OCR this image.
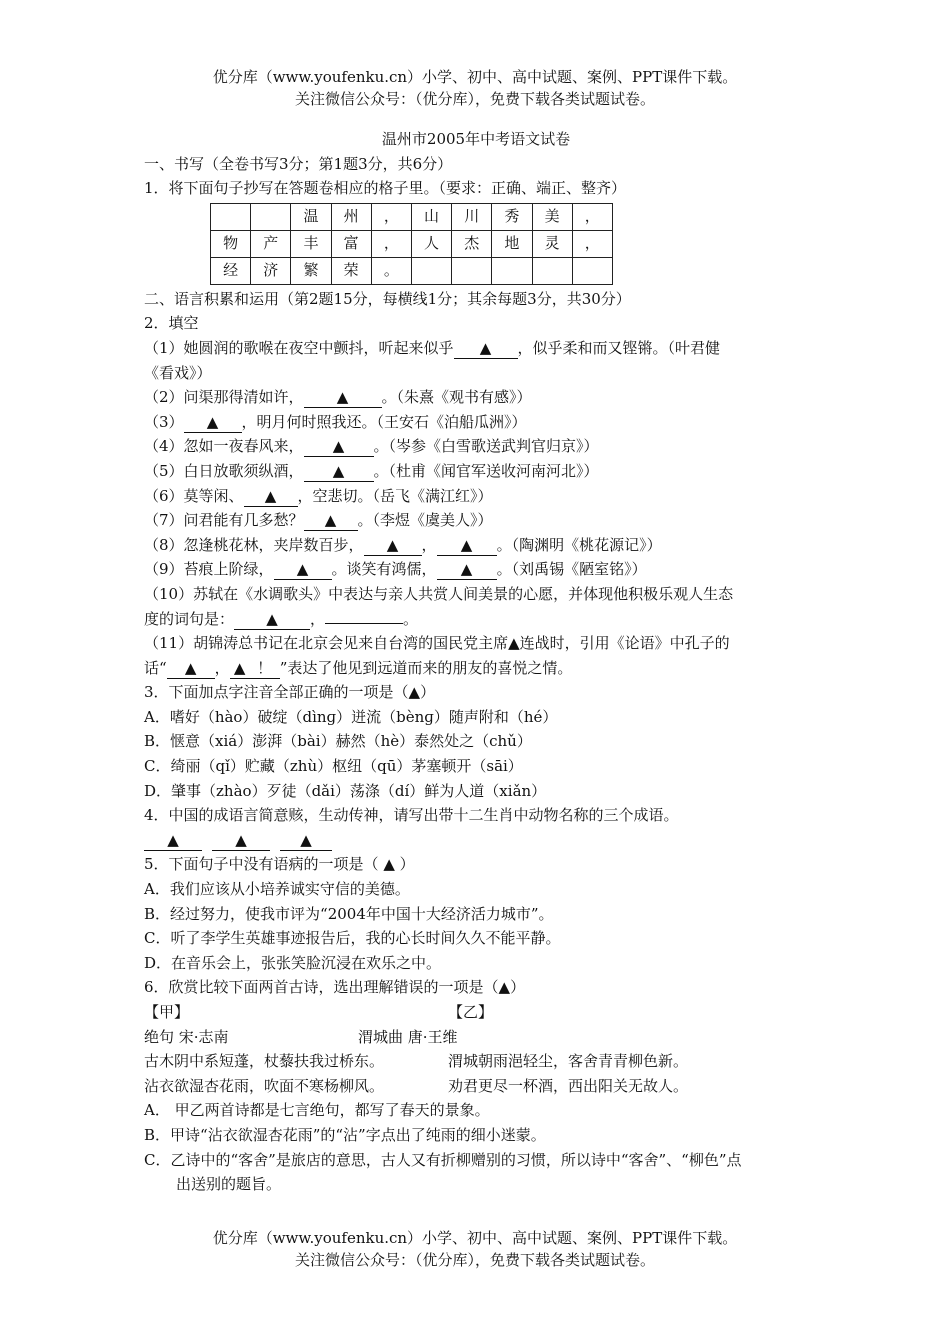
优分库（www.youfenku.cn）小学、初中、高中试题、案例、PPT课件下载。
关注微信公众号：（优分库），免费下载各类试题试卷。
温州市2005年中考语文试卷
一、书写（全卷书写3分；第1题3分，共6分）
1．将下面句子抄写在答题卷相应的格子里。（要求：正确、端正、整齐）
		温	州	，	山	川	秀	美	，
物	产	丰	富	，	人	杰	地	灵	，
经	济	繁	荣	。					
二、语言积累和运用（第2题15分，每横线1分；其余每题3分，共30分）
2．填空
（1）她圆润的歌喉在夜空中颤抖，听起来似乎 ▲ ，似乎柔和而又铿锵。（叶君健
《看戏》）
（2）问渠那得清如许， ▲ 。（朱熹《观书有感》）
（3） ▲ ，明月何时照我还。（王安石《泊船瓜洲》）
（4）忽如一夜春风来， ▲ 。（岑参《白雪歌送武判官归京》）
（5）白日放歌须纵酒， ▲ 。（杜甫《闻官军送收河南河北》）
（6）莫等闲、 ▲ ，空悲切。（岳飞《满江红》）
（7）问君能有几多愁？ ▲ 。（李煜《虞美人》）
（8）忽逢桃花林，夹岸数百步， ▲ ， ▲ 。（陶渊明《桃花源记》）
（9）苔痕上阶绿， ▲ 。谈笑有鸿儒， ▲ 。（刘禹锡《陋室铭》）
（10）苏轼在《水调歌头》中表达与亲人共赏人间美景的心愿，并体现他积极乐观人生态
度的词句是： ▲ ，	。
（11）胡锦涛总书记在北京会见来自台湾的国民党主席▲连战时，引用《论语》中孔子的
话“ ▲ ， ▲ ！ ”表达了他见到远道而来的朋友的喜悦之情。
3．下面加点字注音全部正确的一项是（▲）
A．嗜好（hào）破绽（dìnɡ）迸流（bènɡ）随声附和（hé）
B．惬意（xiá）澎湃（bài）赫然（hè）泰然处之（chǔ）
C．绮丽（qǐ）贮藏（zhù）枢纽（qū）茅塞顿开（sāi）
D．肇事（zhào）歹徒（dǎi）荡涤（dí）鲜为人道（xiǎn）
4．中国的成语言简意赅，生动传神，请写出带十二生肖中动物名称的三个成语。
▲	▲	▲
5．下面句子中没有语病的一项是（ ▲ ）
A．我们应该从小培养诚实守信的美德。
B．经过努力，使我市评为“2004年中国十大经济活力城市”。
C．听了李学生英雄事迹报告后，我的心长时间久久不能平静。
D．在音乐会上，张张笑脸沉浸在欢乐之中。
6．欣赏比较下面两首古诗，选出理解错误的一项是（▲）
【甲】	【乙】
绝句 宋·志南	渭城曲 唐·王维
古木阴中系短蓬，杖藜扶我过桥东。	渭城朝雨浥轻尘，客舍青青柳色新。
沾衣欲湿杏花雨，吹面不寒杨柳风。	劝君更尽一杯酒，西出阳关无故人。
A． 甲乙两首诗都是七言绝句，都写了春天的景象。
B．甲诗“沾衣欲湿杏花雨”的“沾”字点出了纯雨的细小迷蒙。
C．乙诗中的“客舍”是旅店的意思，古人又有折柳赠别的习惯，所以诗中“客舍”、“柳色”点
出送别的题旨。
优分库（www.youfenku.cn）小学、初中、高中试题、案例、PPT课件下载。
关注微信公众号：（优分库），免费下载各类试题试卷。
